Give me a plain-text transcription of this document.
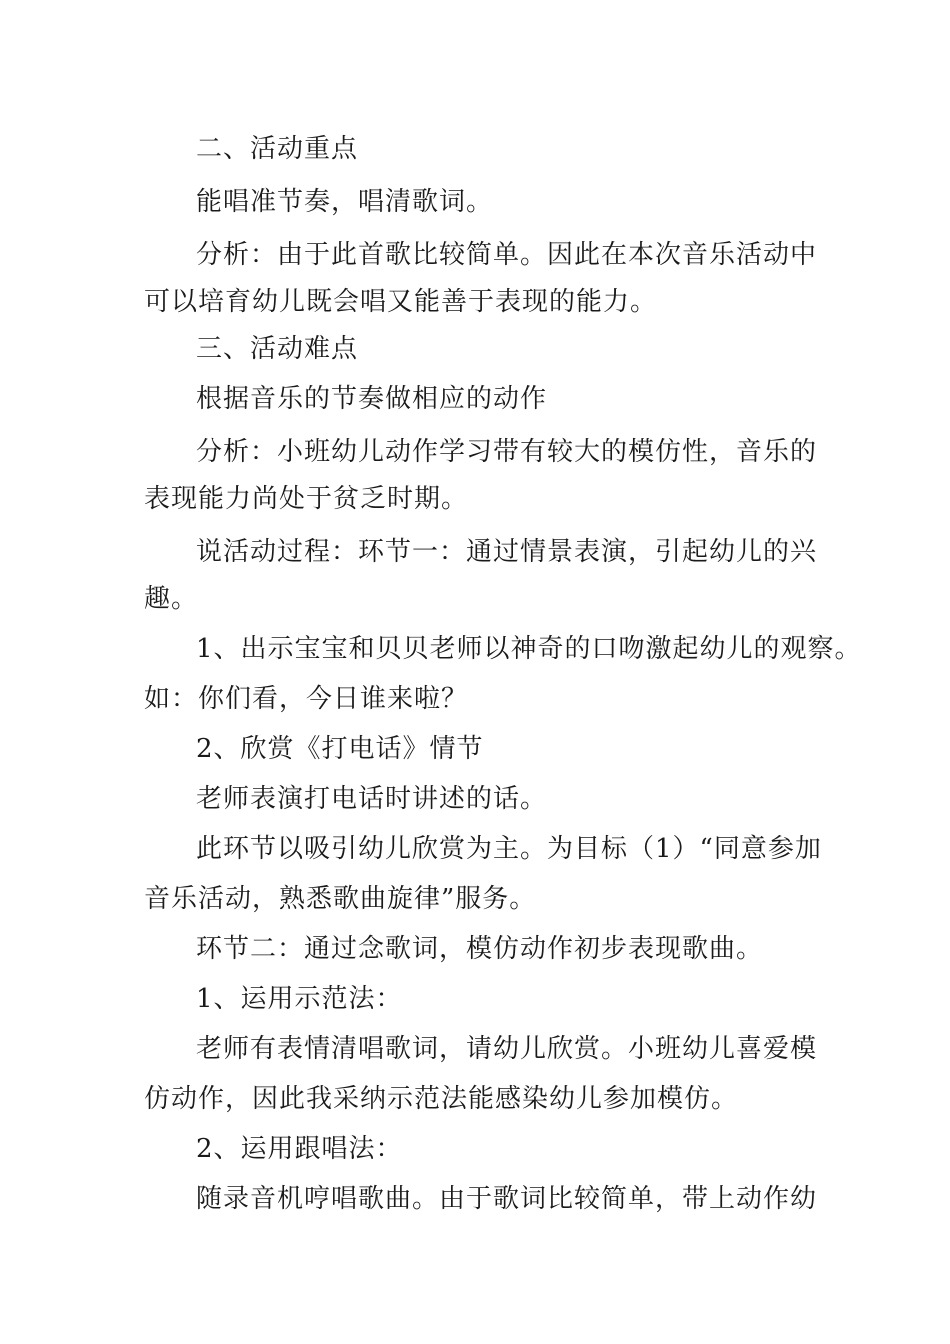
二、活动重点
能唱准节奏，唱清歌词。
分析：由于此首歌比较简单。因此在本次音乐活动中
可以培育幼儿既会唱又能善于表现的能力。
三、活动难点
根据音乐的节奏做相应的动作
分析：小班幼儿动作学习带有较大的模仿性，音乐的
表现能力尚处于贫乏时期。
说活动过程：环节一：通过情景表演，引起幼儿的兴
趣。
1、出示宝宝和贝贝老师以神奇的口吻激起幼儿的观察。
如：你们看，今日谁来啦？
2、欣赏《打电话》情节
老师表演打电话时讲述的话。
此环节以吸引幼儿欣赏为主。为目标（1）“同意参加
音乐活动，熟悉歌曲旋律”服务。
环节二：通过念歌词，模仿动作初步表现歌曲。
1、运用示范法：
老师有表情清唱歌词，请幼儿欣赏。小班幼儿喜爱模
仿动作，因此我采纳示范法能感染幼儿参加模仿。
2、运用跟唱法：
随录音机哼唱歌曲。由于歌词比较简单，带上动作幼
